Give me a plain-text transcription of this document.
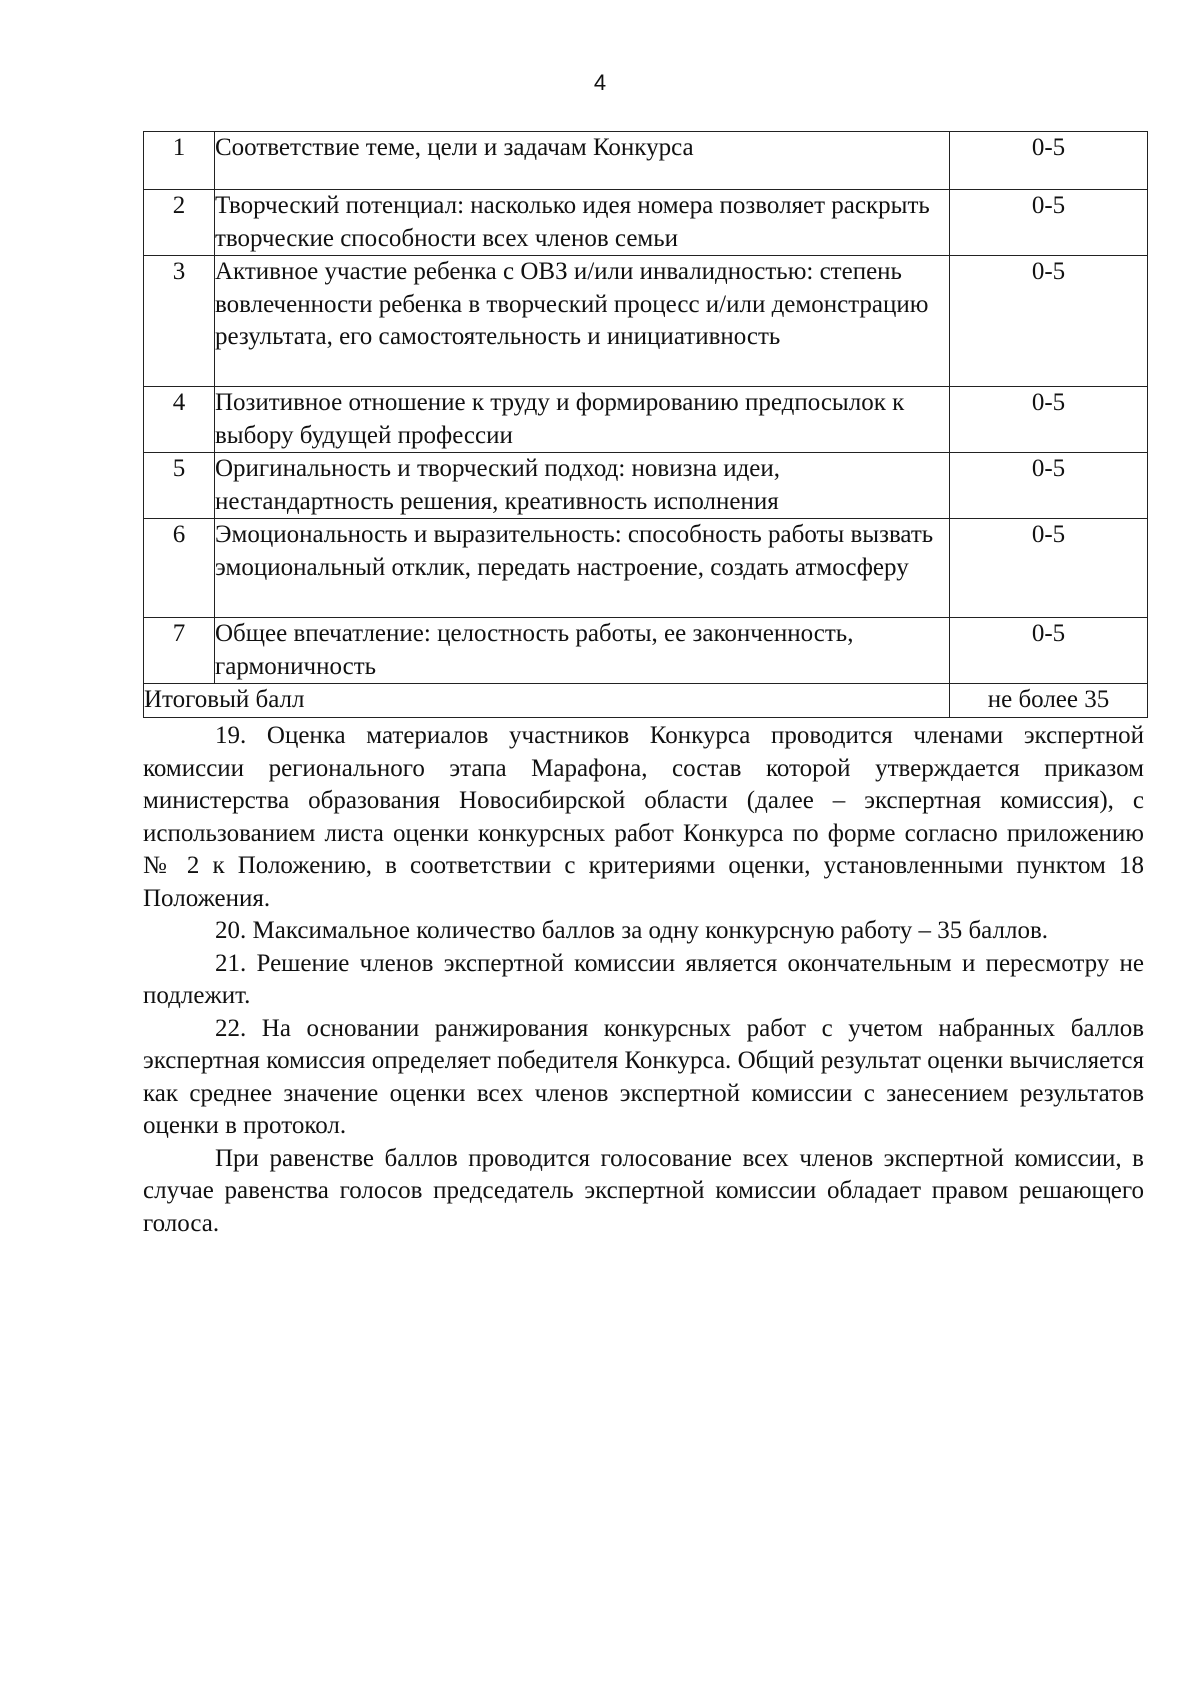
4
1	Соответствие теме, цели и задачам Конкурса	0-5
2	Творческий потенциал: насколько идея номера позволяет раскрыть творческие способности всех членов семьи	0-5
3	Активное участие ребенка с ОВЗ и/или инвалидностью: степень вовлеченности ребенка в творческий процесс и/или демонстрацию результата, его самостоятельность и инициативность	0-5
4	Позитивное отношение к труду и формированию предпосылок к выбору будущей профессии	0-5
5	Оригинальность и творческий подход: новизна идеи, нестандартность решения, креативность исполнения	0-5
6	Эмоциональность и выразительность: способность работы вызвать эмоциональный отклик, передать настроение, создать атмосферу	0-5
7	Общее впечатление: целостность работы, ее законченность, гармоничность	0-5
Итоговый балл		не более 35

19. Оценка материалов участников Конкурса проводится членами экспертной комиссии регионального этапа Марафона, состав которой утверждается приказом министерства образования Новосибирской области (далее – экспертная комиссия), с использованием листа оценки конкурсных работ Конкурса по форме согласно приложению № 2 к Положению, в соответствии с критериями оценки, установленными пунктом 18 Положения.

20. Максимальное количество баллов за одну конкурсную работу – 35 баллов.

21. Решение членов экспертной комиссии является окончательным и пересмотру не подлежит.

22. На основании ранжирования конкурсных работ с учетом набранных баллов экспертная комиссия определяет победителя Конкурса. Общий результат оценки вычисляется как среднее значение оценки всех членов экспертной комиссии с занесением результатов оценки в протокол.

При равенстве баллов проводится голосование всех членов экспертной комиссии, в случае равенства голосов председатель экспертной комиссии обладает правом решающего голоса.
